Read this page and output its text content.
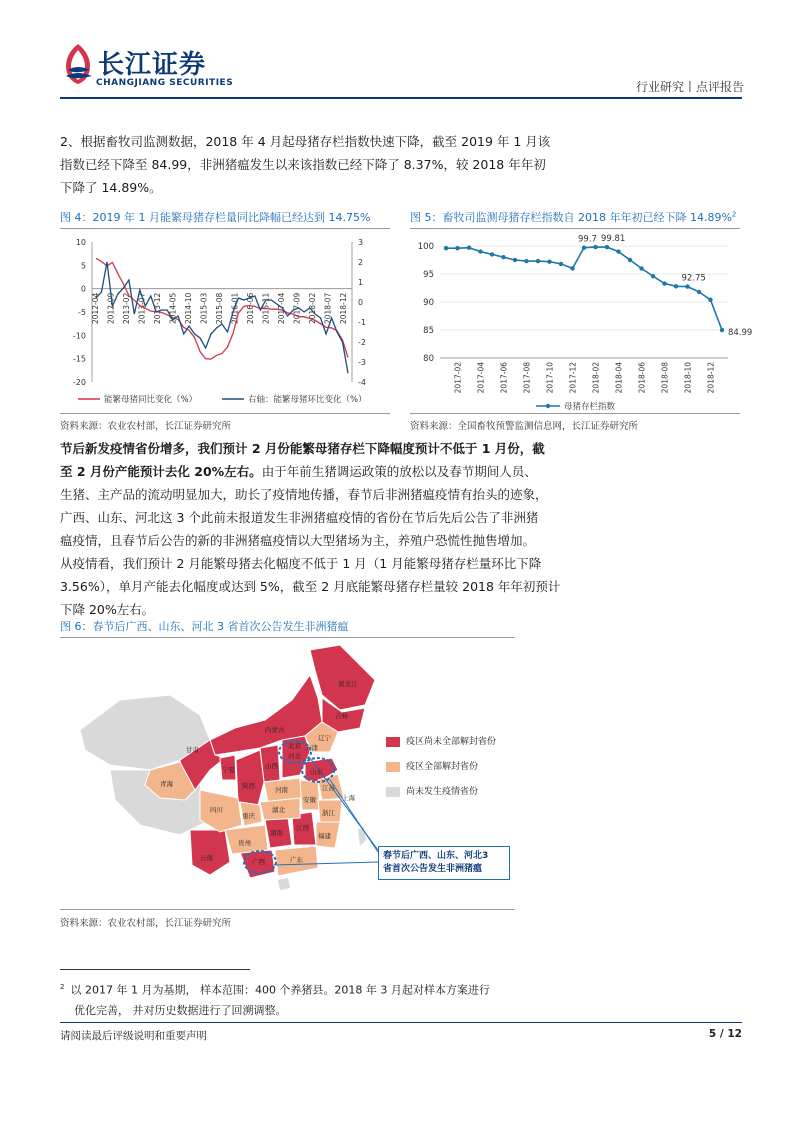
长江证券
CHANGJIANG SECURITIES	行业研究丨点评报告
2、根据畜牧司监测数据，2018 年 4 月起母猪存栏指数快速下降，截至 2019 年 1 月该
指数已经下降至 84.99，非洲猪瘟发生以来该指数已经下降了 8.37%，较 2018 年年初
下降了 14.89%。
图 4：2019 年 1 月能繁母猪存栏量同比降幅已经达到 14.75%
10
5
0
-5
-10
-15
-20
3
2
1
0
-1
-2
-3
-4
2012-04 2012-09 2013-02 2013-07 2013-12 2014-05 2014-10 2015-03 2015-08 2016-01 2016-06 2016-11 2017-04 2017-09 2018-02 2018-07 2018-12
能繁母猪同比变化（%）	右轴：能繁母猪环比变化（%）
资料来源：农业农村部，长江证券研究所
图 5：畜牧司监测母猪存栏指数自 2018 年年初已经下降 14.89%$^2$
100
95
90
85
80
2017-02 2017-04 2017-06 2017-08 2017-10 2017-12 2018-02 2018-04 2018-06 2018-08 2018-10 2018-12
99.7 99.81
92.75
84.99
母猪存栏指数
资料来源：全国畜牧预警监测信息网，长江证券研究所
节后新发疫情省份增多，我们预计 2 月份能繁母猪存栏下降幅度预计不低于 1 月份，截
至 2 月份产能预计去化 20%左右。由于年前生猪调运政策的放松以及春节期间人员、
生猪、主产品的流动明显加大，助长了疫情地传播，春节后非洲猪瘟疫情有抬头的迹象，
广西、山东、河北这 3 个此前未报道发生非洲猪瘟疫情的省份在节后先后公告了非洲猪
瘟疫情，且春节后公告的新的非洲猪瘟疫情以大型猪场为主，养殖户恐慌性抛售增加。
从疫情看，我们预计 2 月能繁母猪去化幅度不低于 1 月（1 月能繁母猪存栏量环比下降
3.56%），单月产能去化幅度或达到 5%，截至 2 月底能繁母猪存栏量较 2018 年年初预计
下降 20%左右。
图 6：春节后广西、山东、河北 3 省首次公告发生非洲猪瘟
黑龙江
吉林
辽宁
内蒙古
北京 天津
河北
山东
山西
宁夏
甘肃
青海	陕西	河南	江苏
安徽	上海
浙江
湖北
四川
重庆
湖南
江西
福建
贵州
云南	广西	广东
疫区尚未全部解封省份
疫区全部解封省份
尚未发生疫情省份
春节后广西、山东、河北3
省首次公告发生非洲猪瘟
资料来源：农业农村部，长江证券研究所
$^2$ 以 2017 年 1 月为基期， 样本范围：400 个养猪县。2018 年 3 月起对样本方案进行
优化完善， 并对历史数据进行了回溯调整。
请阅读最后评级说明和重要声明	5 / 12
